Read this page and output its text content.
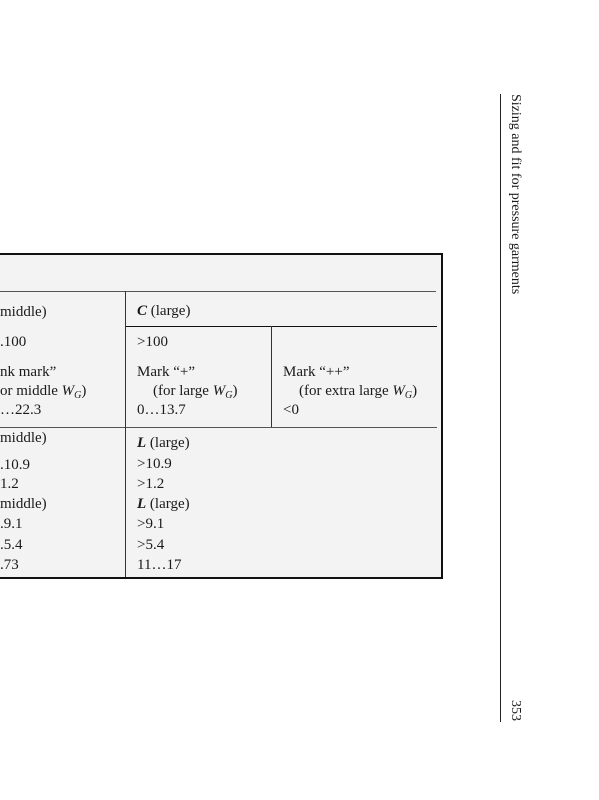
middle)
.100
nk mark”
or middle $W_G$)
…22.3
middle)
.10.9
1.2
middle)
.9.1
.5.4
.73
C (large)
>100
Mark “+”
(for large $W_G$)
0…13.7
Mark “++”
(for extra large $W_G$)
<0
L (large)
>10.9
>1.2
L (large)
>9.1
>5.4
11…17
Sizing and fit for pressure garments
353
